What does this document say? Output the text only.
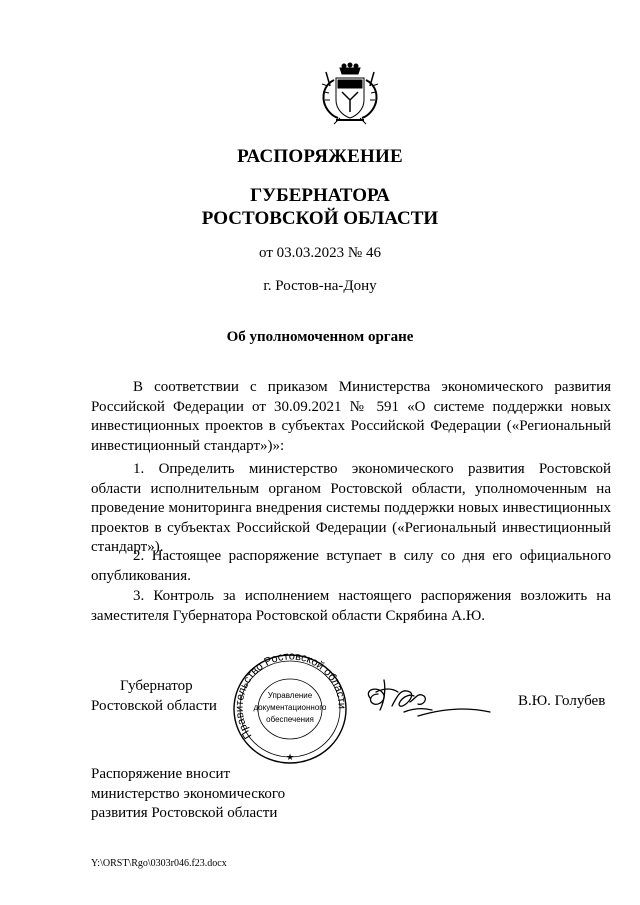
РАСПОРЯЖЕНИЕ
ГУБЕРНАТОРА
РОСТОВСКОЙ ОБЛАСТИ
от 03.03.2023 № 46
г. Ростов-на-Дону
Об уполномоченном органе

В соответствии с приказом Министерства экономического развития Российской Федерации от 30.09.2021 № 591 «О системе поддержки новых инвестиционных проектов в субъектах Российской Федерации («Региональный инвестиционный стандарт»)»:

1. Определить министерство экономического развития Ростовской области исполнительным органом Ростовской области, уполномоченным на проведение мониторинга внедрения системы поддержки новых инвестиционных проектов в субъектах Российской Федерации («Региональный инвестиционный стандарт»).

2. Настоящее распоряжение вступает в силу со дня его официального опубликования.

3. Контроль за исполнением настоящего распоряжения возложить на заместителя Губернатора Ростовской области Скрябина А.Ю.

Губернатор
Ростовской области
Правительство Ростовской области
Управление
документационного
обеспечения
★
В.Ю. Голубев
Распоряжение вносит
министерство экономического
развития Ростовской области
Y:\ORST\Rgo\0303r046.f23.docx
